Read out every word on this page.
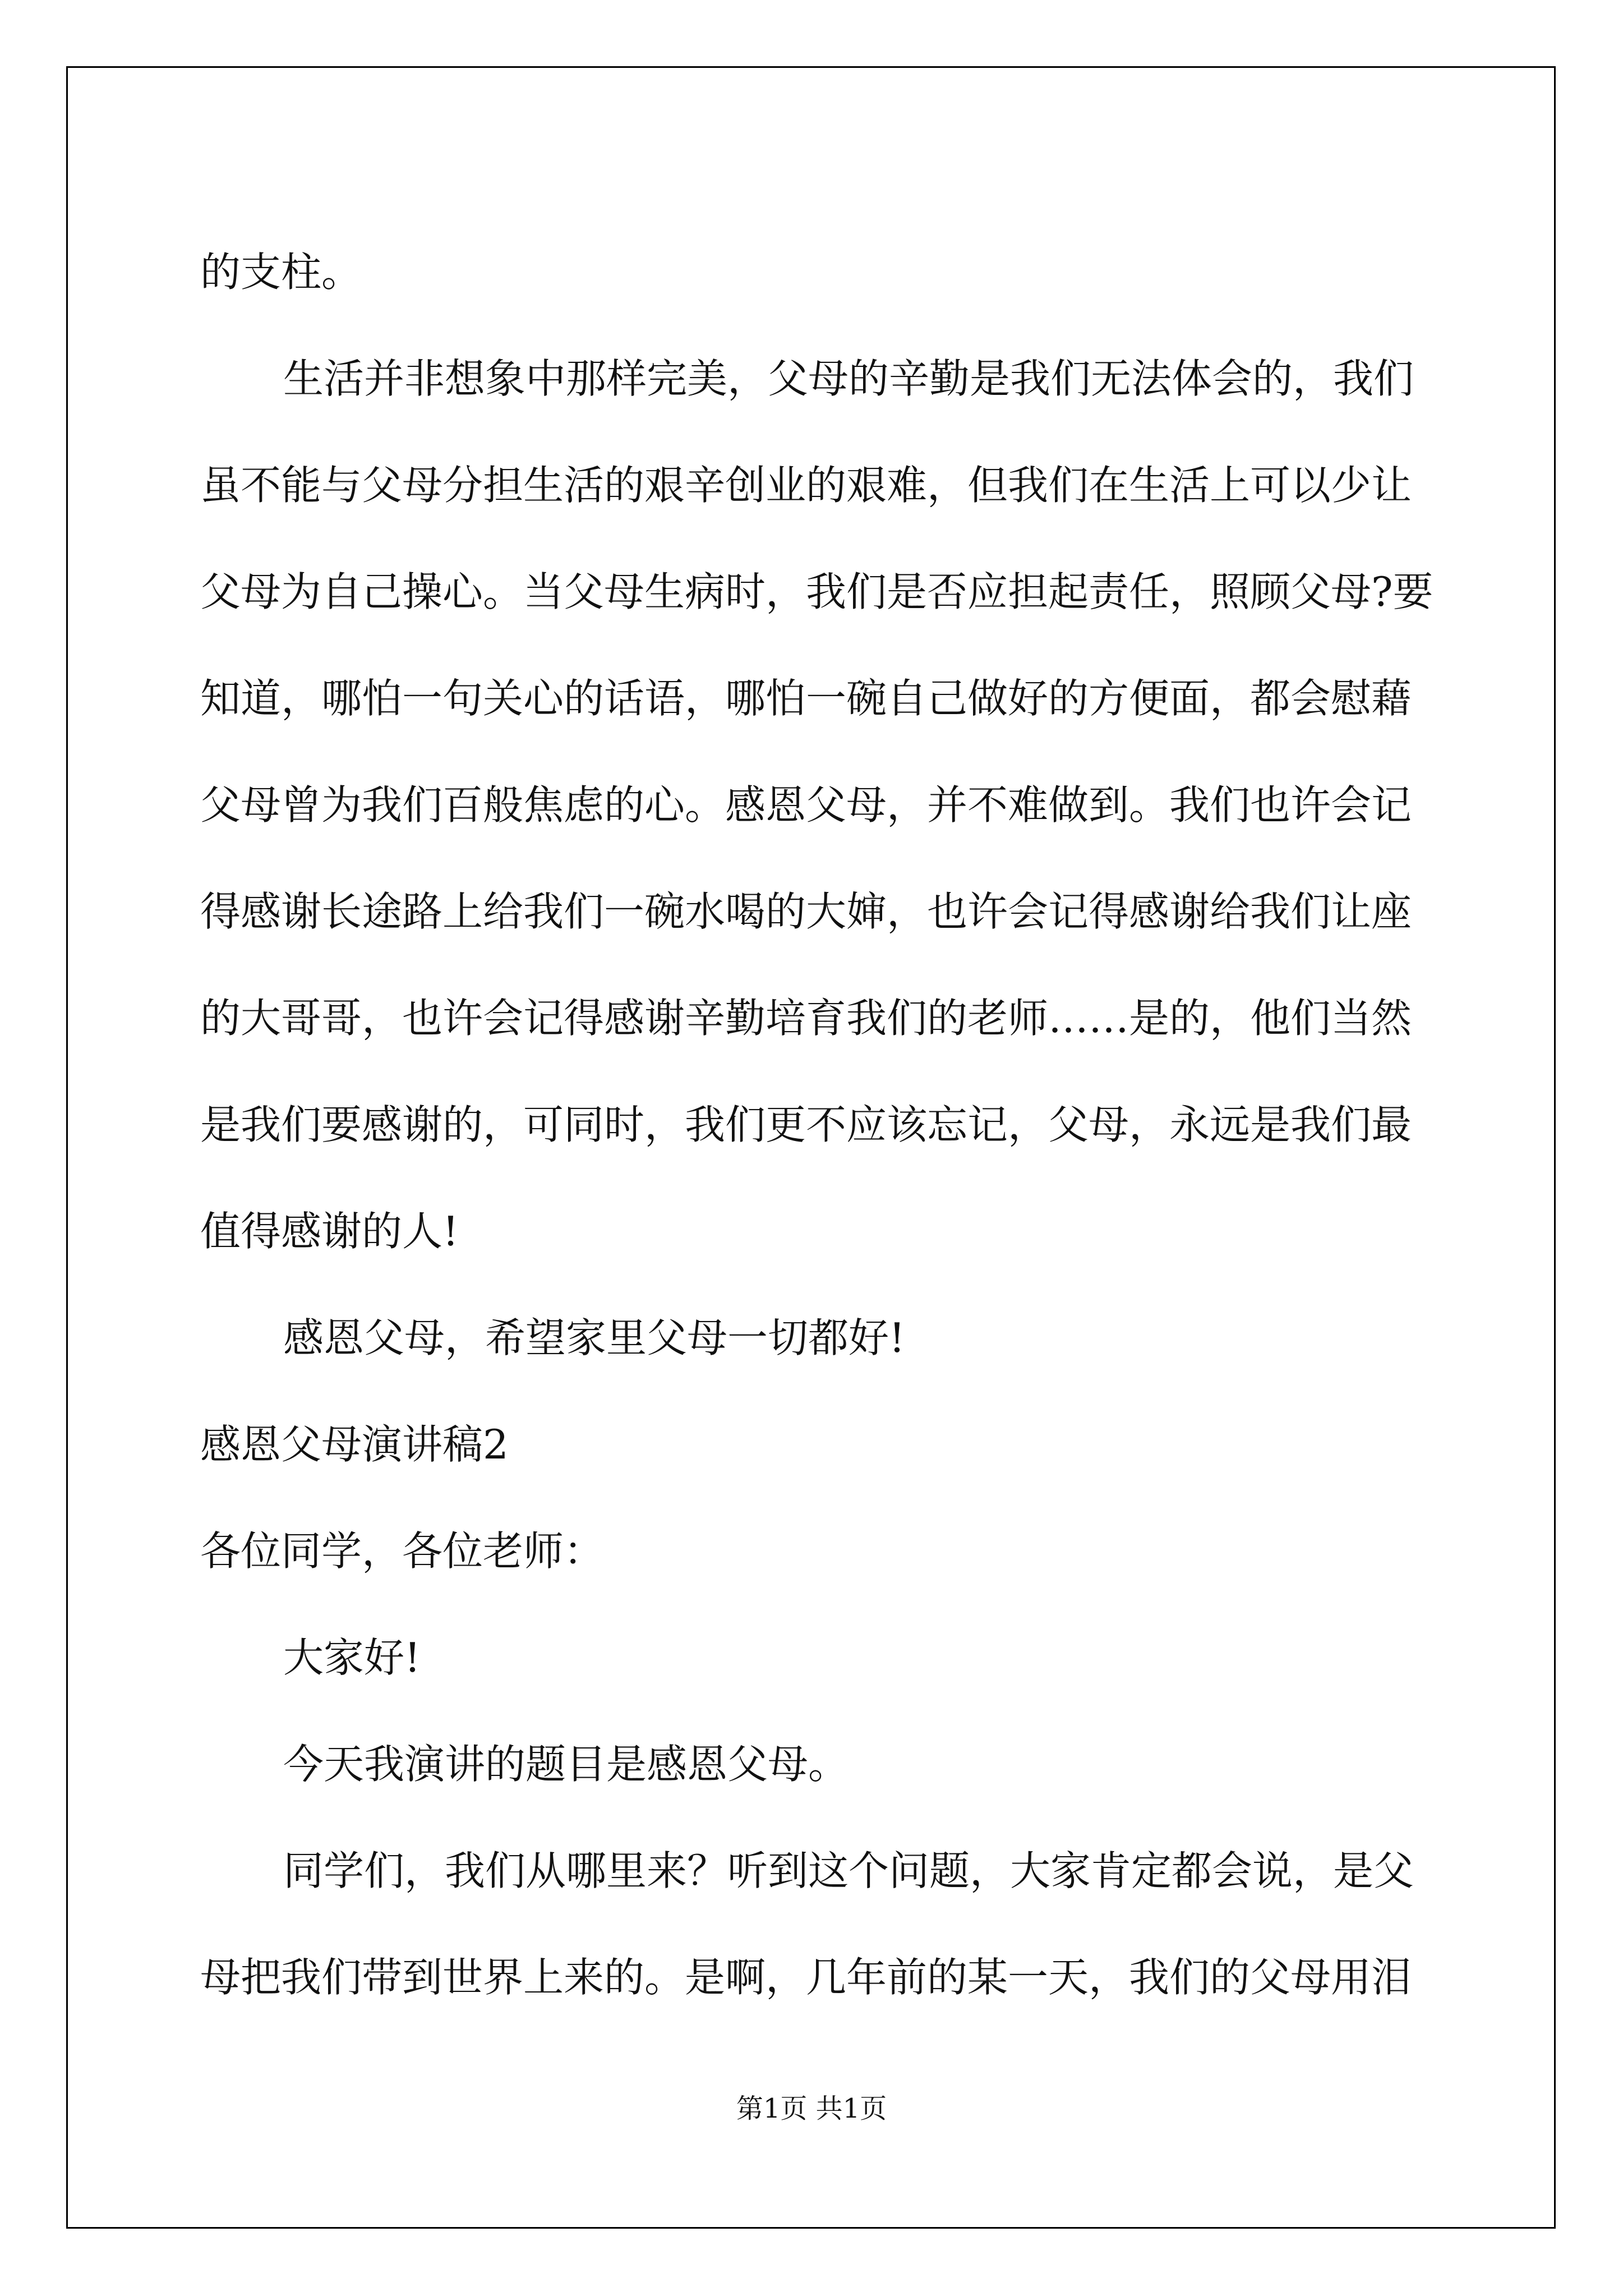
的支柱。

生活并非想象中那样完美，父母的辛勤是我们无法体会的，我们

虽不能与父母分担生活的艰辛创业的艰难，但我们在生活上可以少让

父母为自己操心。当父母生病时，我们是否应担起责任，照顾父母?要

知道，哪怕一句关心的话语，哪怕一碗自己做好的方便面，都会慰藉

父母曾为我们百般焦虑的心。感恩父母，并不难做到。我们也许会记

得感谢长途路上给我们一碗水喝的大婶，也许会记得感谢给我们让座

的大哥哥，也许会记得感谢辛勤培育我们的老师……是的，他们当然

是我们要感谢的，可同时，我们更不应该忘记，父母，永远是我们最

值得感谢的人!

感恩父母，希望家里父母一切都好!

感恩父母演讲稿2

各位同学，各位老师：

大家好!

今天我演讲的题目是感恩父母。

同学们，我们从哪里来？听到这个问题，大家肯定都会说，是父

母把我们带到世界上来的。是啊，几年前的某一天，我们的父母用泪

第1页 共1页
